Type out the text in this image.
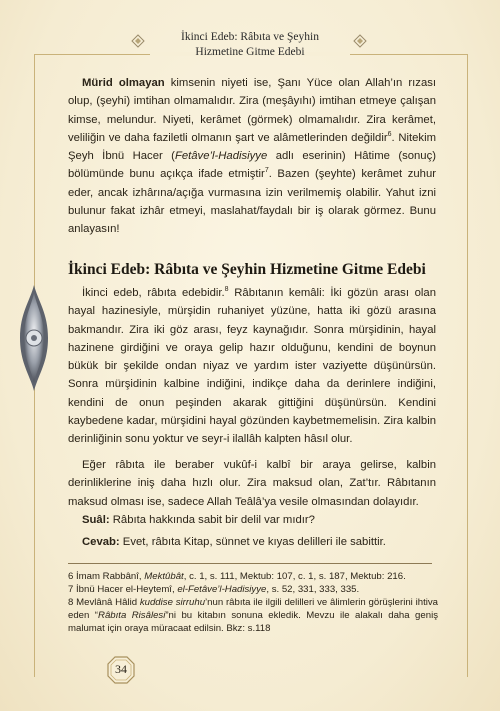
İkinci Edeb: Râbıta ve Şeyhin
Hizmetine Gitme Edebi

Mürid olmayan kimsenin niyeti ise, Şanı Yüce olan Allah’ın rızası olup, (şeyhi) imtihan olmamalıdır. Zira (meşâyıhı) imtihan etmeye çalışan kimse, melundur. Niyeti, kerâmet (görmek) olmamalıdır. Zira kerâmet, veliliğin ve daha faziletli olmanın şart ve alâmetlerinden değildir$^6$. Nitekim Şeyh İbnü Hacer (Fetâve’l-Hadisiyye adlı eserinin) Hâtime (sonuç) bölümünde bunu açıkça ifade etmiştir$^7$. Bazen (şeyhte) kerâmet zuhur eder, ancak izhârına/açığa vurmasına izin verilmemiş olabilir. Yahut izni bulunur fakat izhâr etmeyi, maslahat/faydalı bir iş olarak görmez. Bunu anlayasın!

İkinci Edeb: Râbıta ve Şeyhin Hizmetine Gitme Edebi

İkinci edeb, râbıta edebidir.$^8$ Râbıtanın kemâli: İki gözün arası olan hayal hazinesiyle, mürşidin ruhaniyet yüzüne, hatta iki gözü arasına bakmandır. Zira iki göz arası, feyz kaynağıdır. Sonra mürşidinin, hayal hazinene girdiğini ve oraya gelip hazır olduğunu, kendini de boynun bükük bir şekilde ondan niyaz ve yardım ister vaziyette düşünürsün. Sonra mürşidinin kalbine indiğini, indikçe daha da derinlere indiğini, kendini de onun peşinden akarak gittiğini düşünürsün. Kendini kaybedene kadar, mürşidini hayal gözünden kaybetmemelisin. Zira kalbin derinliğinin sonu yoktur ve seyr-i ilallâh kalpten hâsıl olur.

Eğer râbıta ile beraber vukûf-i kalbî bir araya gelirse, kalbin derinliklerine iniş daha hızlı olur. Zira maksud olan, Zat’tır. Râbıtanın maksud olması ise, sadece Allah Teâlâ’ya vesile olmasından dolayıdır.

Suâl: Râbıta hakkında sabit bir delil var mıdır?

Cevab: Evet, râbıta Kitap, sünnet ve kıyas delilleri ile sabittir.

6 İmam Rabbânî, Mektûbât, c. 1, s. 111, Mektub: 107, c. 1, s. 187, Mektub: 216.

7 İbnü Hacer el-Heytemî, el-Fetâve’l-Hadisiyye, s. 52, 331, 333, 335.

8 Mevlânâ Hâlid kuddise sirruhu’nun râbıta ile ilgili delilleri ve âlimlerin görüşlerini ihtiva eden “Râbıta Risâlesi”ni bu kitabın sonuna ekledik. Mevzu ile alakalı daha geniş malumat için oraya müracaat edilsin. Bkz: s.118

34
